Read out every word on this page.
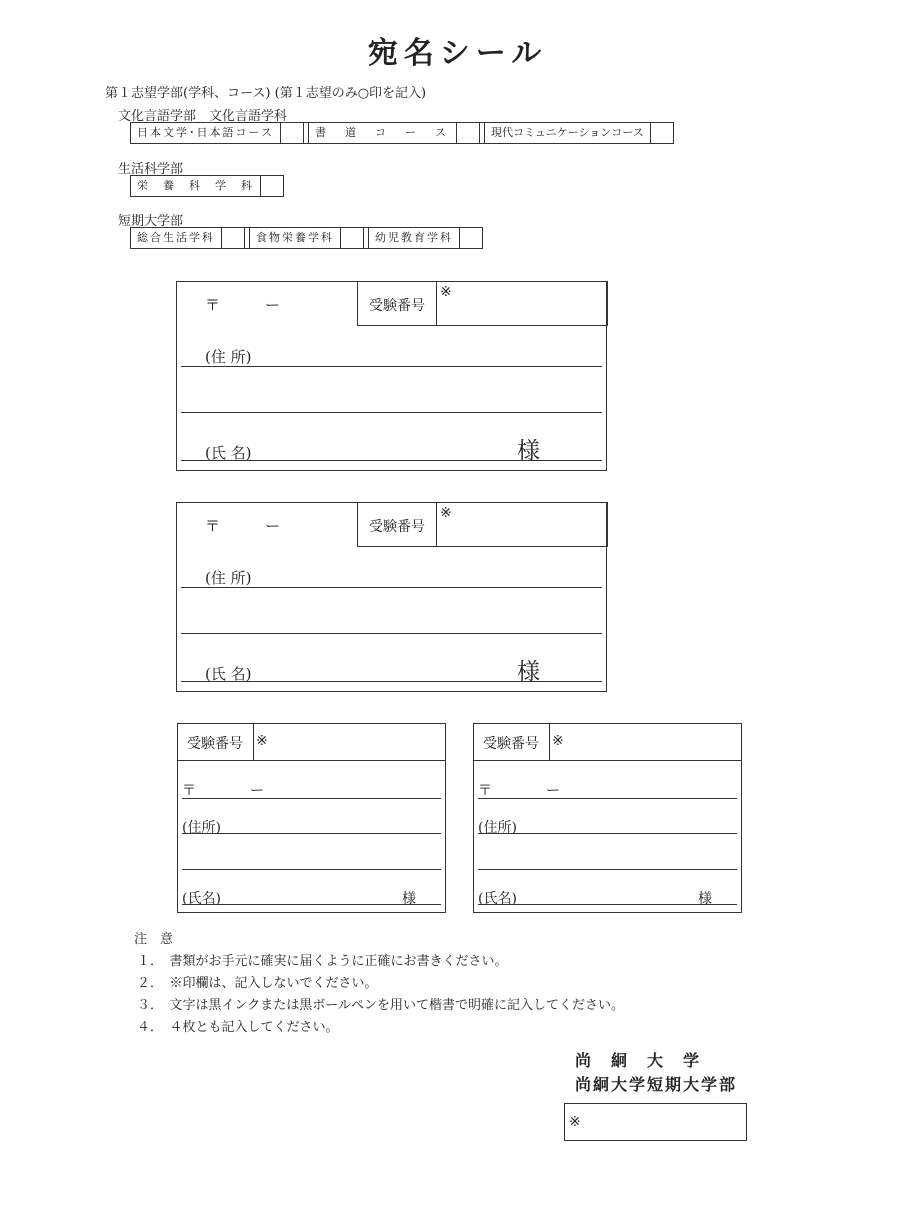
宛名シール
第１志望学部(学科、コース) (第１志望のみ○印を記入)
文化言語学部　文化言語学科
日本文学･日本語コース	書　道　コ　ー　ス	現代コミュニケーションコース
生活科学部
栄　養　科　学　科
短期大学部
総合生活学科	食物栄養学科	幼児教育学科
〒	ー	受験番号
※
(住 所)
(氏 名)	様
〒	ー	受験番号
※
(住 所)
(氏 名)	様
受験番号 ※
〒	ー
(住所)
(氏名)	様
受験番号 ※
〒	ー
(住所)
(氏名)	様
注　意
１．　書類がお手元に確実に届くように正確にお書きください。
２．　※印欄は、記入しないでください。
３．　文字は黒インクまたは黒ボールペンを用いて楷書で明確に記入してください。
４．　４枚とも記入してください。
尚　絅　大　学
尚絅大学短期大学部
※
